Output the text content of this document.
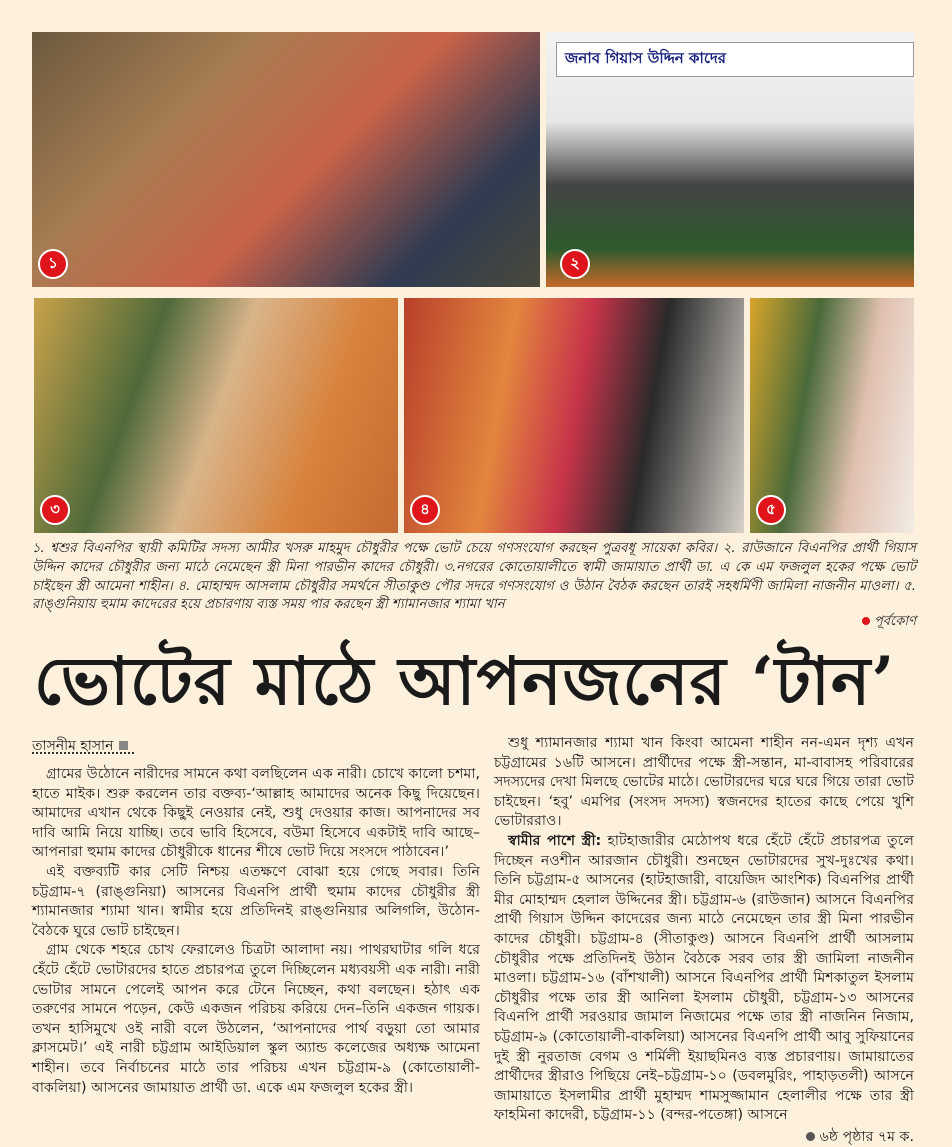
১
জনাব গিয়াস উদ্দিন কাদের
২
৩	৪	৫
১. শ্বশুর বিএনপির স্থায়ী কমিটির সদস্য আমীর খসরু মাহমুদ চৌধুরীর পক্ষে ভোট চেয়ে গণসংযোগ করছেন পুত্রবধূ সায়েকা কবির। ২. রাউজানে বিএনপির প্রার্থী গিয়াস উদ্দিন কাদের চৌধুরীর জন্য মাঠে নেমেছেন স্ত্রী মিনা পারভীন কাদের চৌধুরী। ৩.নগরের কোতোয়ালীতে স্বামী জামায়াত প্রার্থী ডা. এ কে এম ফজলুল হকের পক্ষে ভোট চাইছেন স্ত্রী আমেনা শাহীন। ৪. মোহাম্মদ আসলাম চৌধুরীর সমর্থনে সীতাকুণ্ড পৌর সদরে গণসংযোগ ও উঠান বৈঠক করছেন তারই সহধর্মিণী জামিলা নাজনীন মাওলা। ৫. রাঙ্গুনিয়ায় হুমাম কাদেরের হয়ে প্রচারণায় ব্যস্ত সময় পার করছেন স্ত্রী শ্যামানজার শ্যামা খান
পূর্বকোণ
ভোটের মাঠে আপনজনের ‘টান’
তাসনীম হাসান

গ্রামের উঠোনে নারীদের সামনে কথা বলছিলেন এক নারী। চোখে কালো চশমা, হাতে মাইক। শুরু করলেন তার বক্তব্য-‘আল্লাহ আমাদের অনেক কিছু দিয়েছেন। আমাদের এখান থেকে কিছুই নেওয়ার নেই, শুধু দেওয়ার কাজ। আপনাদের সব দাবি আমি নিয়ে যাচ্ছি। তবে ভাবি হিসেবে, বউমা হিসেবে একটাই দাবি আছে–আপনারা হুমাম কাদের চৌধুরীকে ধানের শীষে ভোট দিয়ে সংসদে পাঠাবেন।’

এই বক্তব্যটি কার সেটি নিশ্চয় এতক্ষণে বোঝা হয়ে গেছে সবার। তিনি চট্টগ্রাম-৭ (রাঙ্গুনিয়া) আসনের বিএনপি প্রার্থী হুমাম কাদের চৌধুরীর স্ত্রী শ্যামানজার শ্যামা খান। স্বামীর হয়ে প্রতিদিনই রাঙ্গুনিয়ার অলিগলি, উঠোন-বৈঠকে ঘুরে ভোট চাইছেন।

গ্রাম থেকে শহরে চোখ ফেরালেও চিত্রটা আলাদা নয়। পাথরঘাটার গলি ধরে হেঁটে হেঁটে ভোটারদের হাতে প্রচারপত্র তুলে দিচ্ছিলেন মধ্যবয়সী এক নারী। নারী ভোটার সামনে পেলেই আপন করে টেনে নিচ্ছেন, কথা বলছেন। হঠাৎ এক তরুণের সামনে পড়েন, কেউ একজন পরিচয় করিয়ে দেন–তিনি একজন গায়ক। তখন হাসিমুখে ওই নারী বলে উঠলেন, ‘আপনাদের পার্থ বড়ুয়া তো আমার ক্লাসমেট।’ এই নারী চট্টগ্রাম আইডিয়াল স্কুল অ্যান্ড কলেজের অধ্যক্ষ আমেনা শাহীন। তবে নির্বাচনের মাঠে তার পরিচয় এখন চট্টগ্রাম-৯ (কোতোয়ালী-বাকলিয়া) আসনের জামায়াত প্রার্থী ডা. একে এম ফজলুল হকের স্ত্রী।

শুধু শ্যামানজার শ্যামা খান কিংবা আমেনা শাহীন নন-এমন দৃশ্য এখন চট্টগ্রামের ১৬টি আসনে। প্রার্থীদের পক্ষে স্ত্রী-সন্তান, মা-বাবাসহ পরিবারের সদস্যদের দেখা মিলছে ভোটের মাঠে। ভোটারদের ঘরে ঘরে গিয়ে তারা ভোট চাইছেন। ‘হবু’ এমপির (সংসদ সদস্য) স্বজনদের হাতের কাছে পেয়ে খুশি ভোটাররাও।

স্বামীর পাশে স্ত্রী: হাটহাজারীর মেঠোপথ ধরে হেঁটে হেঁটে প্রচারপত্র তুলে দিচ্ছেন নওশীন আরজান চৌধুরী। শুনছেন ভোটারদের সুখ-দুঃখের কথা। তিনি চট্টগ্রাম-৫ আসনের (হাটহাজারী, বায়েজিদ আংশিক) বিএনপির প্রার্থী মীর মোহাম্মদ হেলাল উদ্দিনের স্ত্রী। চট্টগ্রাম-৬ (রাউজান) আসনে বিএনপির প্রার্থী গিয়াস উদ্দিন কাদেরের জন্য মাঠে নেমেছেন তার স্ত্রী মিনা পারভীন কাদের চৌধুরী। চট্টগ্রাম-৪ (সীতাকুণ্ড) আসনে বিএনপি প্রার্থী আসলাম চৌধুরীর পক্ষে প্রতিদিনই উঠান বৈঠকে সরব তার স্ত্রী জামিলা নাজনীন মাওলা। চট্টগ্রাম-১৬ (বাঁশখালী) আসনে বিএনপির প্রার্থী মিশকাতুল ইসলাম চৌধুরীর পক্ষে তার স্ত্রী আনিলা ইসলাম চৌধুরী, চট্টগ্রাম-১৩ আসনের বিএনপি প্রার্থী সরওয়ার জামাল নিজামের পক্ষে তার স্ত্রী নাজনিন নিজাম, চট্টগ্রাম-৯ (কোতোয়ালী-বাকলিয়া) আসনের বিএনপি প্রার্থী আবু সুফিয়ানের দুই স্ত্রী নুরতাজ বেগম ও শর্মিলী ইয়াছমিনও ব্যস্ত প্রচারণায়। জামায়াতের প্রার্থীদের স্ত্রীরাও পিছিয়ে নেই–চট্টগ্রাম-১০ (ডবলমুরিং, পাহাড়তলী) আসনে জামায়াতে ইসলামীর প্রার্থী মুহাম্মদ শামসুজ্জামান হেলালীর পক্ষে তার স্ত্রী ফাহমিনা কাদেরী, চট্টগ্রাম-১১ (বন্দর-পতেঙ্গা) আসনে

৬ষ্ঠ পৃষ্ঠার ৭ম ক.
